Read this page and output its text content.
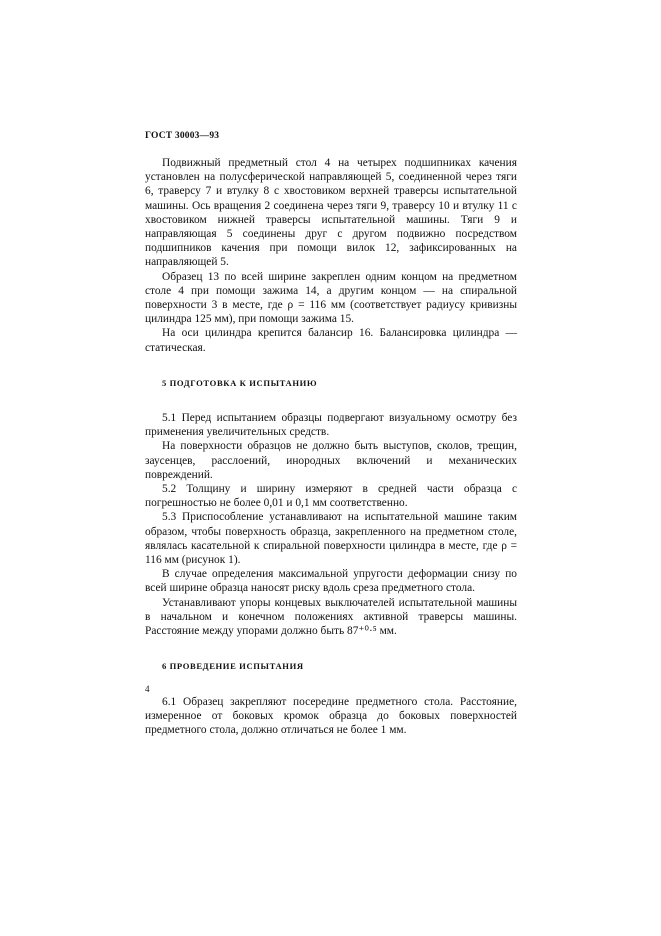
ГОСТ 30003—93

Подвижный предметный стол 4 на четырех подшипниках качения установлен на полусферической направляющей 5, соединенной через тяги 6, траверсу 7 и втулку 8 с хвостовиком верхней траверсы испытательной машины. Ось вращения 2 соединена через тяги 9, траверсу 10 и втулку 11 с хвостовиком нижней траверсы испытательной машины. Тяги 9 и направляющая 5 соединены друг с другом подвижно посредством подшипников качения при помощи вилок 12, зафиксированных на направляющей 5.

Образец 13 по всей ширине закреплен одним концом на предметном столе 4 при помощи зажима 14, а другим концом — на спиральной поверхности 3 в месте, где ρ = 116 мм (соответствует радиусу кривизны цилиндра 125 мм), при помощи зажима 15.

На оси цилиндра крепится балансир 16. Балансировка цилиндра — статическая.

5 ПОДГОТОВКА К ИСПЫТАНИЮ

5.1 Перед испытанием образцы подвергают визуальному осмотру без применения увеличительных средств.

На поверхности образцов не должно быть выступов, сколов, трещин, заусенцев, расслоений, инородных включений и механических повреждений.

5.2 Толщину и ширину измеряют в средней части образца с погрешностью не более 0,01 и 0,1 мм соответственно.

5.3 Приспособление устанавливают на испытательной машине таким образом, чтобы поверхность образца, закрепленного на предметном столе, являлась касательной к спиральной поверхности цилиндра в месте, где ρ = 116 мм (рисунок 1).

В случае определения максимальной упругости деформации снизу по всей ширине образца наносят риску вдоль среза предметного стола.

Устанавливают упоры концевых выключателей испытательной машины в начальном и конечном положениях активной траверсы машины. Расстояние между упорами должно быть 87⁺⁰·⁵ мм.

6 ПРОВЕДЕНИЕ ИСПЫТАНИЯ

6.1 Образец закрепляют посередине предметного стола. Расстояние, измеренное от боковых кромок образца до боковых поверхностей предметного стола, должно отличаться не более 1 мм.

4
